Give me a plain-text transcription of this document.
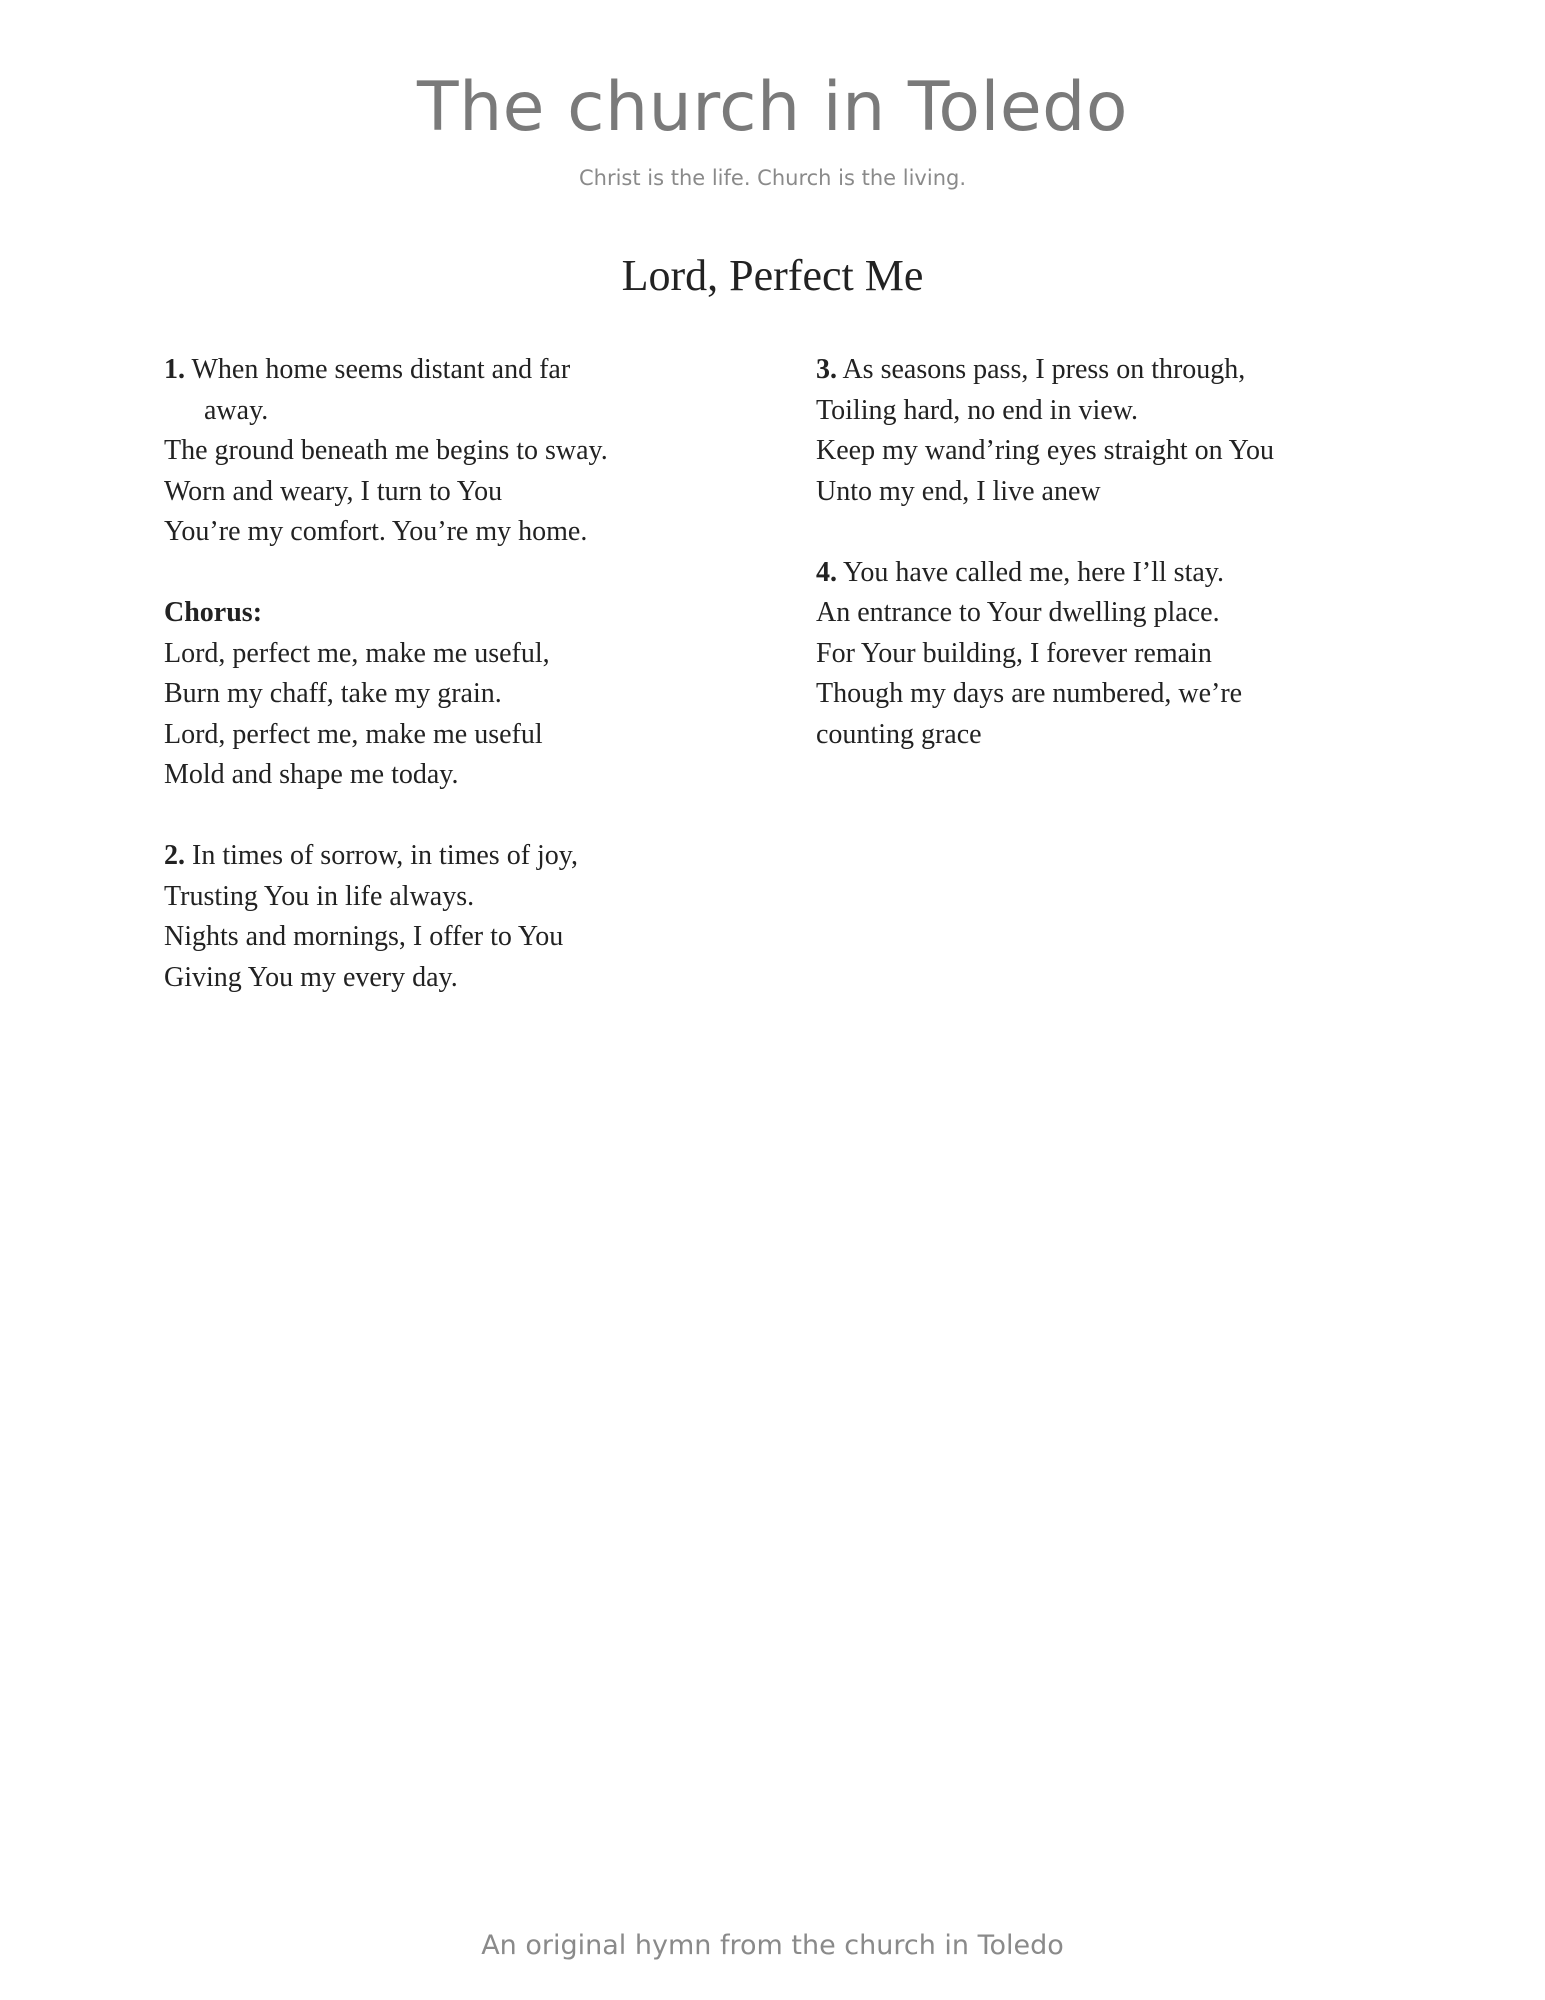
The church in Toledo
Christ is the life. Church is the living.
Lord, Perfect Me
1. When home seems distant and far
away.
The ground beneath me begins to sway.
Worn and weary, I turn to You
You’re my comfort. You’re my home.
Chorus:
Lord, perfect me, make me useful,
Burn my chaff, take my grain.
Lord, perfect me, make me useful
Mold and shape me today.
2. In times of sorrow, in times of joy,
Trusting You in life always.
Nights and mornings, I offer to You
Giving You my every day.
3. As seasons pass, I press on through,
Toiling hard, no end in view.
Keep my wand’ring eyes straight on You
Unto my end, I live anew
4. You have called me, here I’ll stay.
An entrance to Your dwelling place.
For Your building, I forever remain
Though my days are numbered, we’re
counting grace
An original hymn from the church in Toledo
